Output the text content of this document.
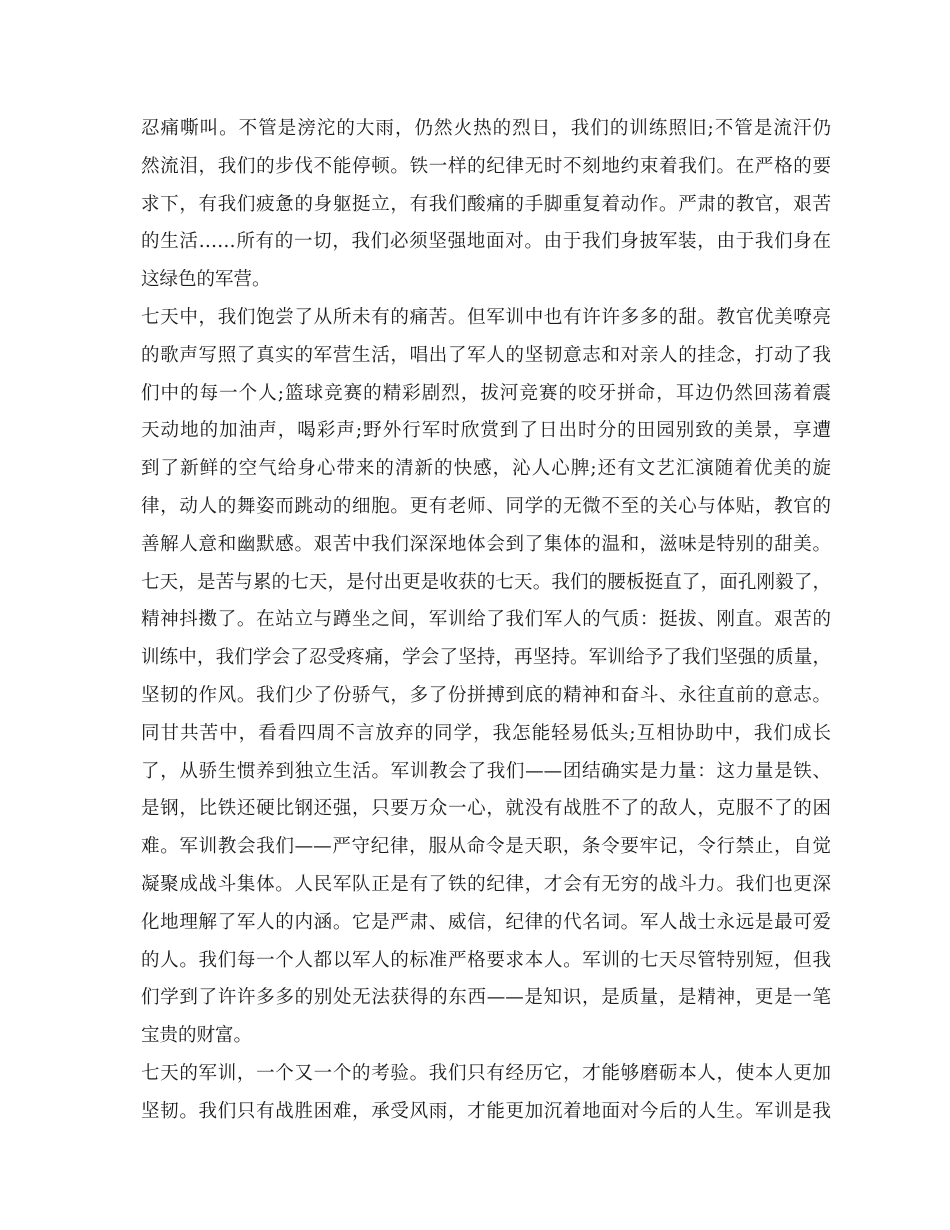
忍痛嘶叫。不管是滂沱的大雨，仍然火热的烈日，我们的训练照旧;不管是流汗仍
然流泪，我们的步伐不能停顿。铁一样的纪律无时不刻地约束着我们。在严格的要
求下，有我们疲惫的身躯挺立，有我们酸痛的手脚重复着动作。严肃的教官，艰苦
的生活……所有的一切，我们必须坚强地面对。由于我们身披军装，由于我们身在
这绿色的军营。
七天中，我们饱尝了从所未有的痛苦。但军训中也有许许多多的甜。教官优美嘹亮
的歌声写照了真实的军营生活，唱出了军人的坚韧意志和对亲人的挂念，打动了我
们中的每一个人;篮球竞赛的精彩剧烈，拔河竞赛的咬牙拼命，耳边仍然回荡着震
天动地的加油声，喝彩声;野外行军时欣赏到了日出时分的田园别致的美景，享遭
到了新鲜的空气给身心带来的清新的快感，沁人心脾;还有文艺汇演随着优美的旋
律，动人的舞姿而跳动的细胞。更有老师、同学的无微不至的关心与体贴，教官的
善解人意和幽默感。艰苦中我们深深地体会到了集体的温和，滋味是特别的甜美。
七天，是苦与累的七天，是付出更是收获的七天。我们的腰板挺直了，面孔刚毅了，
精神抖擞了。在站立与蹲坐之间，军训给了我们军人的气质：挺拔、刚直。艰苦的
训练中，我们学会了忍受疼痛，学会了坚持，再坚持。军训给予了我们坚强的质量，
坚韧的作风。我们少了份骄气，多了份拼搏到底的精神和奋斗、永往直前的意志。
同甘共苦中，看看四周不言放弃的同学，我怎能轻易低头;互相协助中，我们成长
了，从骄生惯养到独立生活。军训教会了我们——团结确实是力量：这力量是铁、
是钢，比铁还硬比钢还强，只要万众一心，就没有战胜不了的敌人，克服不了的困
难。军训教会我们——严守纪律，服从命令是天职，条令要牢记，令行禁止，自觉
凝聚成战斗集体。人民军队正是有了铁的纪律，才会有无穷的战斗力。我们也更深
化地理解了军人的内涵。它是严肃、威信，纪律的代名词。军人战士永远是最可爱
的人。我们每一个人都以军人的标准严格要求本人。军训的七天尽管特别短，但我
们学到了许许多多的别处无法获得的东西——是知识，是质量，是精神，更是一笔
宝贵的财富。
七天的军训，一个又一个的考验。我们只有经历它，才能够磨砺本人，使本人更加
坚韧。我们只有战胜困难，承受风雨，才能更加沉着地面对今后的人生。军训是我
